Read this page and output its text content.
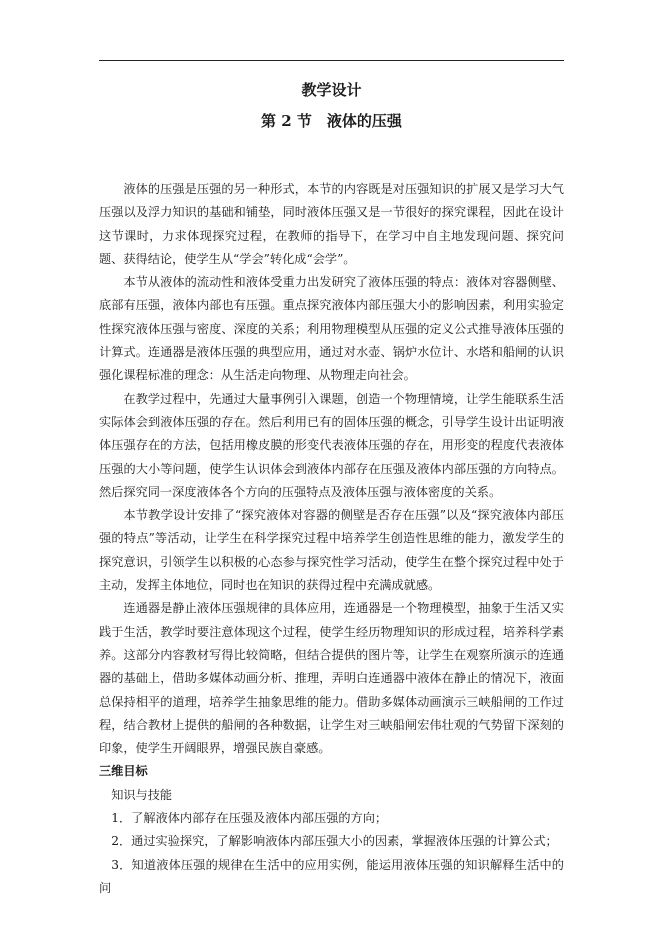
教学设计
第 2 节　液体的压强

液体的压强是压强的另一种形式，本节的内容既是对压强知识的扩展又是学习大气压强以及浮力知识的基础和铺垫，同时液体压强又是一节很好的探究课程，因此在设计这节课时，力求体现探究过程，在教师的指导下，在学习中自主地发现问题、探究问题、获得结论，使学生从“学会”转化成“会学”。

本节从液体的流动性和液体受重力出发研究了液体压强的特点：液体对容器侧壁、底部有压强，液体内部也有压强。重点探究液体内部压强大小的影响因素，利用实验定性探究液体压强与密度、深度的关系；利用物理模型从压强的定义公式推导液体压强的计算式。连通器是液体压强的典型应用，通过对水壶、锅炉水位计、水塔和船闸的认识强化课程标准的理念：从生活走向物理、从物理走向社会。

在教学过程中，先通过大量事例引入课题，创造一个物理情境，让学生能联系生活实际体会到液体压强的存在。然后利用已有的固体压强的概念，引导学生设计出证明液体压强存在的方法，包括用橡皮膜的形变代表液体压强的存在，用形变的程度代表液体压强的大小等问题，使学生认识体会到液体内部存在压强及液体内部压强的方向特点。然后探究同一深度液体各个方向的压强特点及液体压强与液体密度的关系。

本节教学设计安排了“探究液体对容器的侧壁是否存在压强”以及“探究液体内部压强的特点”等活动，让学生在科学探究过程中培养学生创造性思维的能力，激发学生的探究意识，引领学生以积极的心态参与探究性学习活动，使学生在整个探究过程中处于主动，发挥主体地位，同时也在知识的获得过程中充满成就感。

连通器是静止液体压强规律的具体应用，连通器是一个物理模型，抽象于生活又实践于生活，教学时要注意体现这个过程，使学生经历物理知识的形成过程，培养科学素养。这部分内容教材写得比较简略，但结合提供的图片等，让学生在观察所演示的连通器的基础上，借助多媒体动画分析、推理，弄明白连通器中液体在静止的情况下，液面总保持相平的道理，培养学生抽象思维的能力。借助多媒体动画演示三峡船闸的工作过程，结合教材上提供的船闸的各种数据，让学生对三峡船闸宏伟壮观的气势留下深刻的印象，使学生开阔眼界，增强民族自豪感。

三维目标

知识与技能

1．了解液体内部存在压强及液体内部压强的方向；

2．通过实验探究，了解影响液体内部压强大小的因素，掌握液体压强的计算公式；

3．知道液体压强的规律在生活中的应用实例，能运用液体压强的知识解释生活中的问
